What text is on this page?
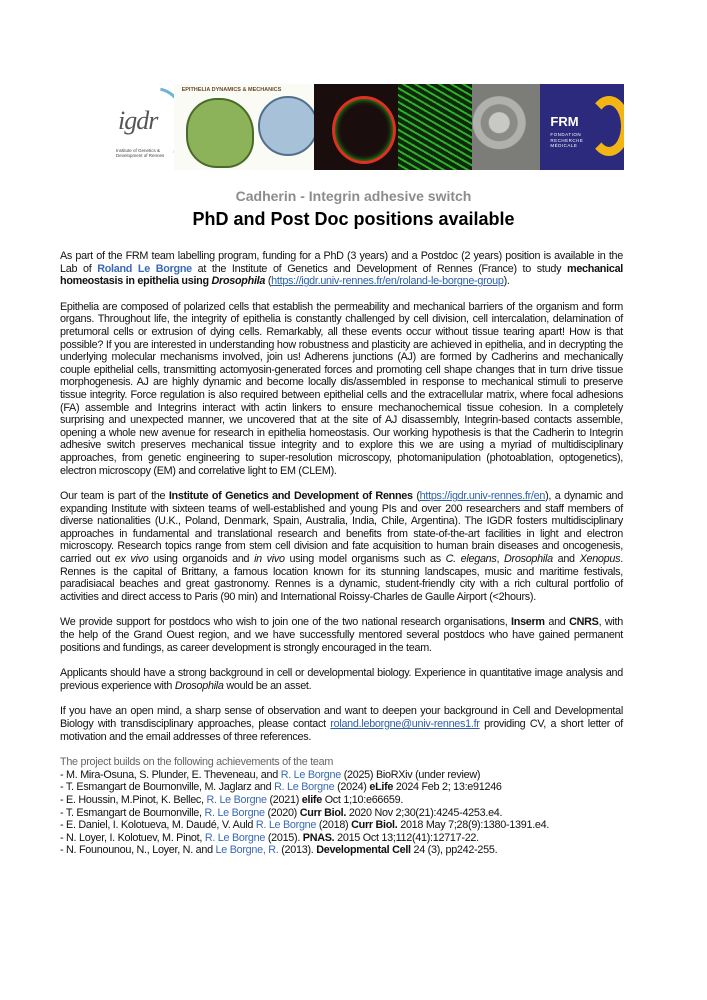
igdr
Institute of Genetics & Development of Rennes
EPITHELIA DYNAMICS & MECHANICS
FRM
FONDATION
RECHERCHE
MÉDICALE
Cadherin - Integrin adhesive switch
PhD and Post Doc positions available

As part of the FRM team labelling program, funding for a PhD (3 years) and a Postdoc (2 years) position is available in the Lab of Roland Le Borgne at the Institute of Genetics and Development of Rennes (France) to study mechanical homeostasis in epithelia using Drosophila (https://igdr.univ-rennes.fr/en/roland-le-borgne-group).

Epithelia are composed of polarized cells that establish the permeability and mechanical barriers of the organism and form organs. Throughout life, the integrity of epithelia is constantly challenged by cell division, cell intercalation, delamination of pretumoral cells or extrusion of dying cells. Remarkably, all these events occur without tissue tearing apart! How is that possible? If you are interested in understanding how robustness and plasticity are achieved in epithelia, and in decrypting the underlying molecular mechanisms involved, join us! Adherens junctions (AJ) are formed by Cadherins and mechanically couple epithelial cells, transmitting actomyosin-generated forces and promoting cell shape changes that in turn drive tissue morphogenesis. AJ are highly dynamic and become locally dis/assembled in response to mechanical stimuli to preserve tissue integrity. Force regulation is also required between epithelial cells and the extracellular matrix, where focal adhesions (FA) assemble and Integrins interact with actin linkers to ensure mechanochemical tissue cohesion. In a completely surprising and unexpected manner, we uncovered that at the site of AJ disassembly, Integrin-based contacts assemble, opening a whole new avenue for research in epithelia homeostasis. Our working hypothesis is that the Cadherin to Integrin adhesive switch preserves mechanical tissue integrity and to explore this we are using a myriad of multidisciplinary approaches, from genetic engineering to super-resolution microscopy, photomanipulation (photoablation, optogenetics), electron microscopy (EM) and correlative light to EM (CLEM).

Our team is part of the Institute of Genetics and Development of Rennes (https://igdr.univ-rennes.fr/en), a dynamic and expanding Institute with sixteen teams of well-established and young PIs and over 200 researchers and staff members of diverse nationalities (U.K., Poland, Denmark, Spain, Australia, India, Chile, Argentina). The IGDR fosters multidisciplinary approaches in fundamental and translational research and benefits from state-of-the-art facilities in light and electron microscopy. Research topics range from stem cell division and fate acquisition to human brain diseases and oncogenesis, carried out ex vivo using organoids and in vivo using model organisms such as C. elegans, Drosophila and Xenopus. Rennes is the capital of Brittany, a famous location known for its stunning landscapes, music and maritime festivals, paradisiacal beaches and great gastronomy. Rennes is a dynamic, student-friendly city with a rich cultural portfolio of activities and direct access to Paris (90 min) and International Roissy-Charles de Gaulle Airport (<2hours).

We provide support for postdocs who wish to join one of the two national research organisations, Inserm and CNRS, with the help of the Grand Ouest region, and we have successfully mentored several postdocs who have gained permanent positions and fundings, as career development is strongly encouraged in the team.

Applicants should have a strong background in cell or developmental biology. Experience in quantitative image analysis and previous experience with Drosophila would be an asset.

If you have an open mind, a sharp sense of observation and want to deepen your background in Cell and Developmental Biology with transdisciplinary approaches, please contact roland.leborgne@univ-rennes1.fr providing CV, a short letter of motivation and the email addresses of three references.

The project builds on the following achievements of the team
- M. Mira-Osuna, S. Plunder, E. Theveneau, and R. Le Borgne (2025) BioRXiv (under review)
- T. Esmangart de Bournonville, M. Jaglarz and R. Le Borgne (2024) eLife 2024 Feb 2; 13:e91246
- E. Houssin, M.Pinot, K. Bellec, R. Le Borgne (2021) elife Oct 1;10:e66659.
- T. Esmangart de Bournonville, R. Le Borgne (2020) Curr Biol. 2020 Nov 2;30(21):4245-4253.e4.
- E. Daniel, I. Kolotueva, M. Daudé, V. Auld R. Le Borgne (2018) Curr Biol. 2018 May 7;28(9):1380-1391.e4.
- N. Loyer, I. Kolotuev, M. Pinot, R. Le Borgne (2015). PNAS. 2015 Oct 13;112(41):12717-22.
- N. Founounou, N., Loyer, N. and Le Borgne, R. (2013). Developmental Cell 24 (3), pp242-255.
